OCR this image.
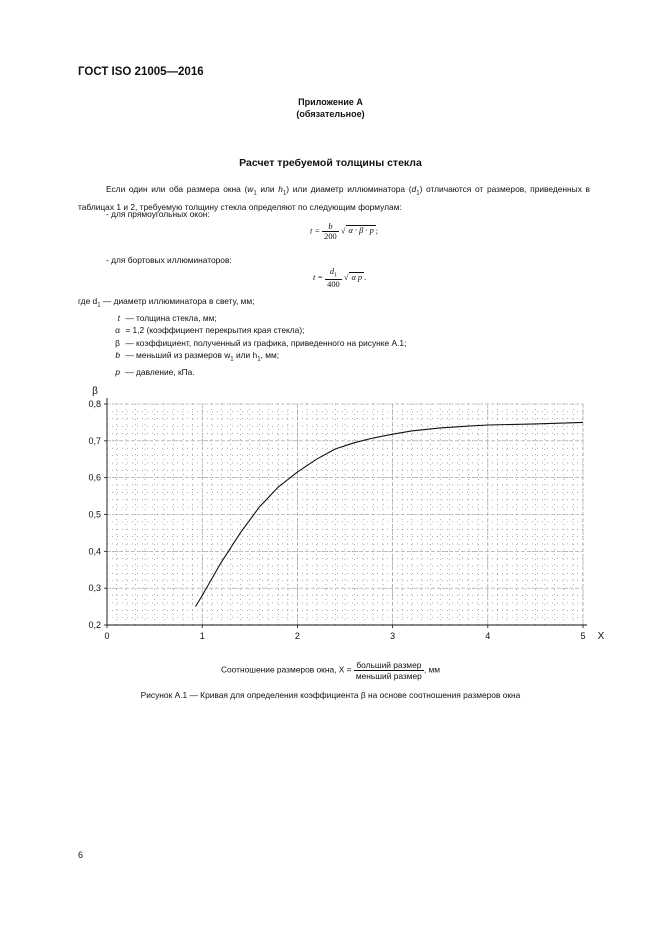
ГОСТ ISO 21005—2016
Приложение А
(обязательное)
Расчет требуемой толщины стекла
Если один или оба размера окна ($w_1$ или $h_1$) или диаметр иллюминатора $(d_1)$ отличаются от размеров, приведенных в таблицах 1 и 2, требуемую толщину стекла определяют по следующим формулам:
- для прямоугольных окон:
$t = \frac{b}{200}$ √ α · β · p ;
- для бортовых иллюминаторов:
$t = \frac{d_1}{400}$ √ α p .
где $d_1$ — диаметр иллюминатора в свету, мм;
t — толщина стекла, мм;
α = 1,2 (коэффициент перекрытия края стекла);
β — коэффициент, полученный из графика, приведенного на рисунке А.1;
b — меньший из размеров $w_1$ или $h_1$, мм;
p — давление, кПа.
0	1	2	3	4	5
0,2
0,3
0,4
0,5
0,6
0,7
0,8
X
β
Соотношение размеров окна, $X = \frac{\text{больший размер}}{\text{меньший размер}}$ , мм
Рисунок А.1 — Кривая для определения коэффициента β на основе соотношения размеров окна
6
